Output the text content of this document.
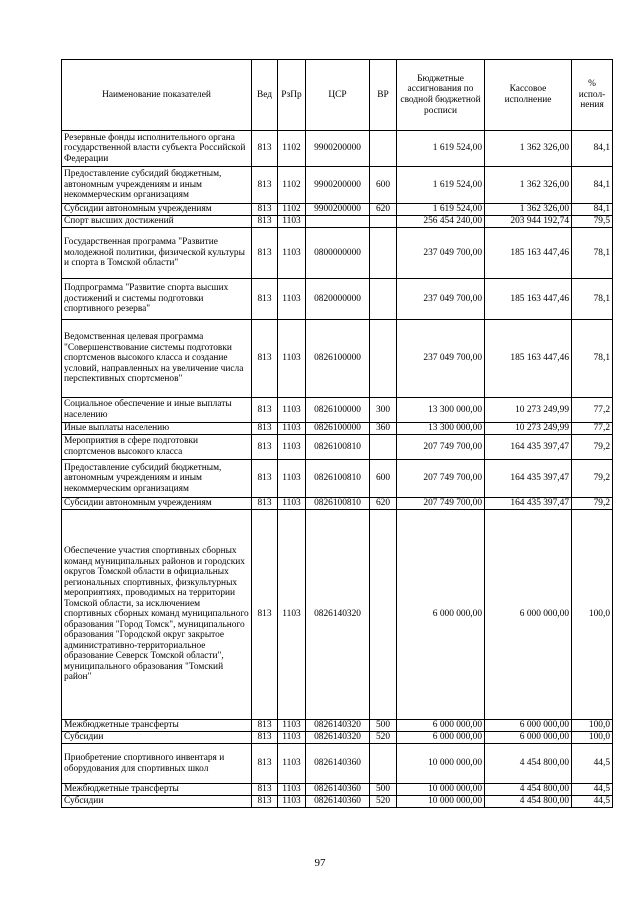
Наименование показателей	Вед	РзПр	ЦСР	ВР	Бюджетные ассигнования по сводной бюджетной росписи	Кассовое исполнение	% испол-нения
Резервные фонды исполнительного органа государственной власти субъекта Российской Федерации	813	1102	9900200000		1 619 524,00	1 362 326,00	84,1
Предоставление субсидий бюджетным, автономным учреждениям и иным некоммерческим организациям	813	1102	9900200000	600	1 619 524,00	1 362 326,00	84,1
Субсидии автономным учреждениям	813	1102	9900200000	620	1 619 524,00	1 362 326,00	84,1
Спорт высших достижений	813	1103			256 454 240,00	203 944 192,74	79,5
Государственная программа "Развитие молодежной политики, физической культуры и спорта в Томской области"	813	1103	0800000000		237 049 700,00	185 163 447,46	78,1
Подпрограмма "Развитие спорта высших достижений и системы подготовки спортивного резерва"	813	1103	0820000000		237 049 700,00	185 163 447,46	78,1
Ведомственная целевая программа "Совершенствование системы подготовки спортсменов высокого класса и создание условий, направленных на увеличение числа перспективных спортсменов"	813	1103	0826100000		237 049 700,00	185 163 447,46	78,1
Социальное обеспечение и иные выплаты населению	813	1103	0826100000	300	13 300 000,00	10 273 249,99	77,2
Иные выплаты населению	813	1103	0826100000	360	13 300 000,00	10 273 249,99	77,2
Мероприятия в сфере подготовки спортсменов высокого класса	813	1103	0826100810		207 749 700,00	164 435 397,47	79,2
Предоставление субсидий бюджетным, автономным учреждениям и иным некоммерческим организациям	813	1103	0826100810	600	207 749 700,00	164 435 397,47	79,2
Субсидии автономным учреждениям	813	1103	0826100810	620	207 749 700,00	164 435 397,47	79,2
Обеспечение участия спортивных сборных команд муниципальных районов и городских округов Томской области в официальных региональных спортивных, физкультурных мероприятиях, проводимых на территории Томской области, за исключением спортивных сборных команд муниципального образования "Город Томск", муниципального образования "Городской округ закрытое административно-территориальное образование Северск Томской области", муниципального образования "Томский район"	813	1103	0826140320		6 000 000,00	6 000 000,00	100,0
Межбюджетные трансферты	813	1103	0826140320	500	6 000 000,00	6 000 000,00	100,0
Субсидии	813	1103	0826140320	520	6 000 000,00	6 000 000,00	100,0
Приобретение спортивного инвентаря и оборудования для спортивных школ	813	1103	0826140360		10 000 000,00	4 454 800,00	44,5
Межбюджетные трансферты	813	1103	0826140360	500	10 000 000,00	4 454 800,00	44,5
Субсидии	813	1103	0826140360	520	10 000 000,00	4 454 800,00	44,5
97
